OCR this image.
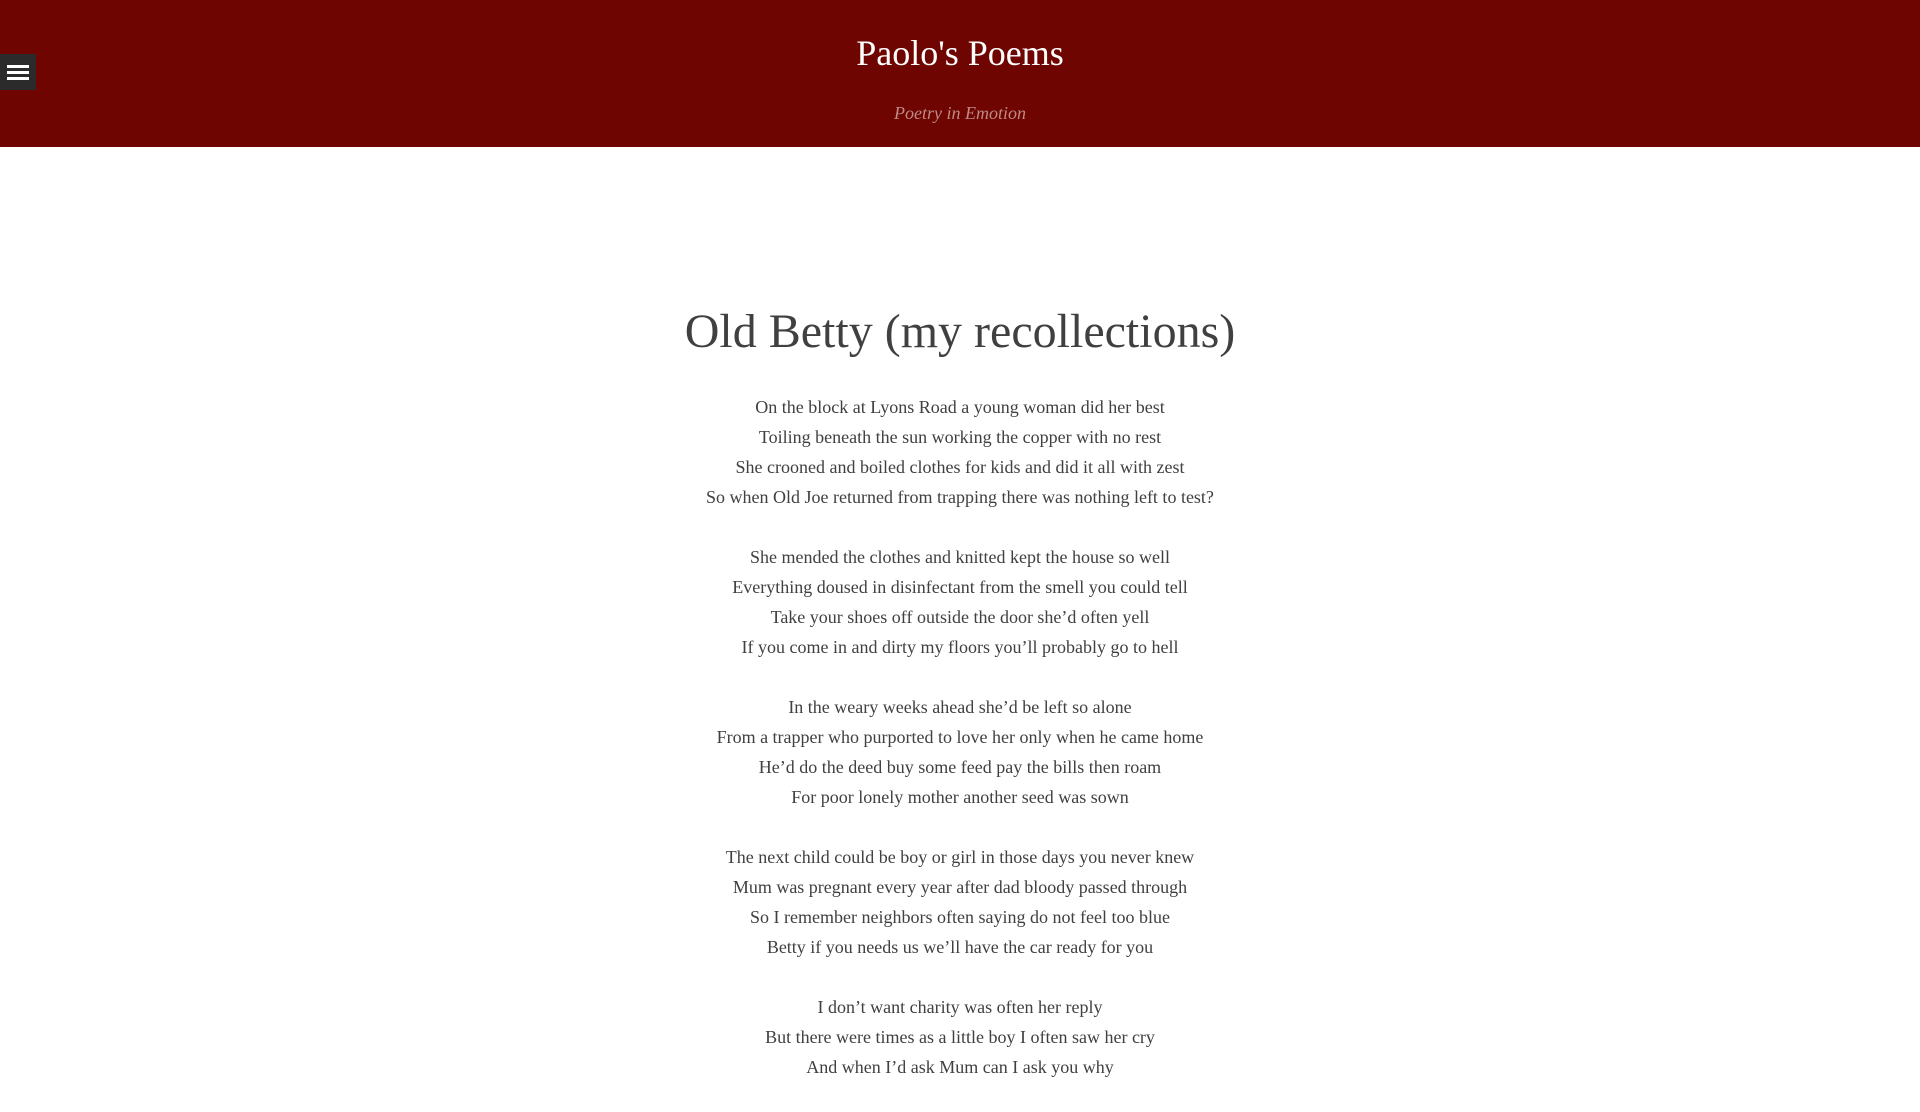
Paolo's Poems
Poetry in Emotion
Old Betty (my recollections)
On the block at Lyons Road a young woman did her best
Toiling beneath the sun working the copper with no rest
She crooned and boiled clothes for kids and did it all with zest
So when Old Joe returned from trapping there was nothing left to test?
She mended the clothes and knitted kept the house so well
Everything doused in disinfectant from the smell you could tell
Take your shoes off outside the door she’d often yell
If you come in and dirty my floors you’ll probably go to hell
In the weary weeks ahead she’d be left so alone
From a trapper who purported to love her only when he came home
He’d do the deed buy some feed pay the bills then roam
For poor lonely mother another seed was sown
The next child could be boy or girl in those days you never knew
Mum was pregnant every year after dad bloody passed through
So I remember neighbors often saying do not feel too blue
Betty if you needs us we’ll have the car ready for you
I don’t want charity was often her reply
But there were times as a little boy I often saw her cry
And when I’d ask Mum can I ask you why
